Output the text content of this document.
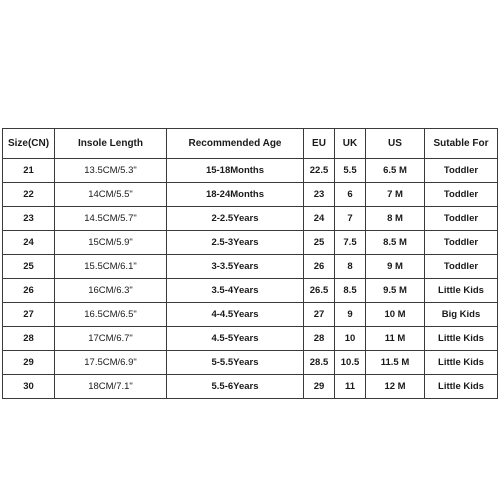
Size(CN)	Insole Length	Recommended Age	EU	UK	US	Sutable For
21	13.5CM/5.3"	15-18Months	22.5	5.5	6.5 M	Toddler
22	14CM/5.5"	18-24Months	23	6	7 M	Toddler
23	14.5CM/5.7"	2-2.5Years	24	7	8 M	Toddler
24	15CM/5.9"	2.5-3Years	25	7.5	8.5 M	Toddler
25	15.5CM/6.1"	3-3.5Years	26	8	9 M	Toddler
26	16CM/6.3"	3.5-4Years	26.5	8.5	9.5 M	Little Kids
27	16.5CM/6.5"	4-4.5Years	27	9	10 M	Big Kids
28	17CM/6.7"	4.5-5Years	28	10	11 M	Little Kids
29	17.5CM/6.9"	5-5.5Years	28.5	10.5	11.5 M	Little Kids
30	18CM/7.1"	5.5-6Years	29	11	12 M	Little Kids
